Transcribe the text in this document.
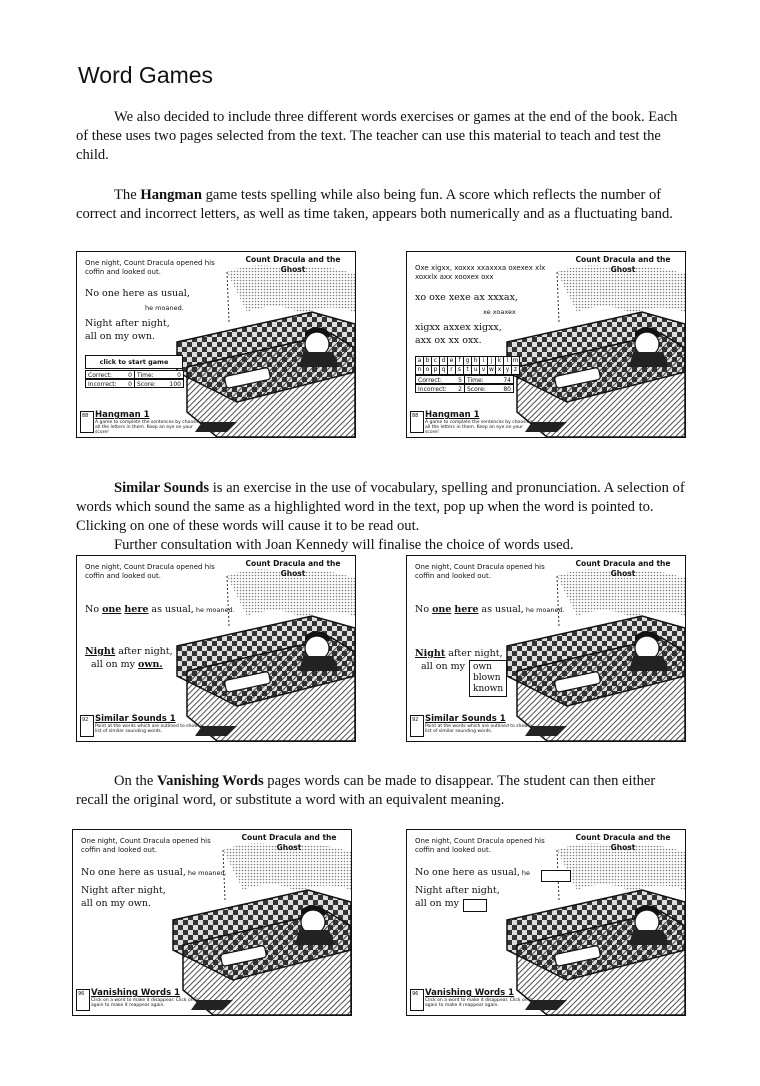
Word Games

We also decided to include three different words exercises or games at the end of the book. Each of these uses two pages selected from the text. The teacher can use this material to teach and test the child.

The Hangman game tests spelling while also being fun. A score which reflects the number of correct and incorrect letters, as well as time taken, appears both numerically and as a fluctuating band.

Count Dracula and the Ghost
One night, Count Dracula opened his coffin and looked out.
No one here as usual,
he moaned.
Night after night,
all on my own.
click to start game
Correct:	0 Time:	0
Incorrect: 0 Score: 100
88 Hangman 1
A game to complete the sentences by choosing all the letters in them. Keep an eye on your score!
Count Dracula and the Ghost
Oxe xigxx, xoxxx xxaxxxa oxexex xlx xoxxlx axx xooxex oxx
xo oxe xexe ax xxxax,
xe xoaxex
xigxx axxex xigxx,
axx ox xx oxx.
a b c d e f g h i j k l m
n o p q r s t u v w x y z
Correct:	5 Time:	74
Incorrect: 2 Score:	80
88 Hangman 1
A game to complete the sentences by choosing all the letters in them. Keep an eye on your score!

Similar Sounds is an exercise in the use of vocabulary, spelling and pronunciation. A selection of words which sound the same as a highlighted word in the text, pop up when the word is pointed to. Clicking on one of these words will cause it to be read out.

Further consultation with Joan Kennedy will finalise the choice of words used.

Count Dracula and the Ghost
One night, Count Dracula opened his coffin and looked out.
No one here as usual, he moaned.
Night after night,
all on my own.
92 Similar Sounds 1
Point at the words which are outlined to show a list of similar sounding words.
Count Dracula and the Ghost
One night, Count Dracula opened his coffin and looked out.
No one here as usual, he moaned.
Night after night,
all on my own
blown
known
92 Similar Sounds 1
Point at the words which are outlined to show a list of similar sounding words.

On the Vanishing Words pages words can be made to disappear. The student can then either recall the original word, or substitute a word with an equivalent meaning.

Count Dracula and the Ghost
One night, Count Dracula opened his coffin and looked out.
No one here as usual, he moaned.
Night after night,
all on my own.
96 Vanishing Words 1
Click on a word to make it disappear. Click on it again to make it reappear again.
Count Dracula and the Ghost
One night, Count Dracula opened his coffin and looked out.
No one here as usual, he
Night after night,
all on my
96 Vanishing Words 1
Click on a word to make it disappear. Click on it again to make it reappear again.
